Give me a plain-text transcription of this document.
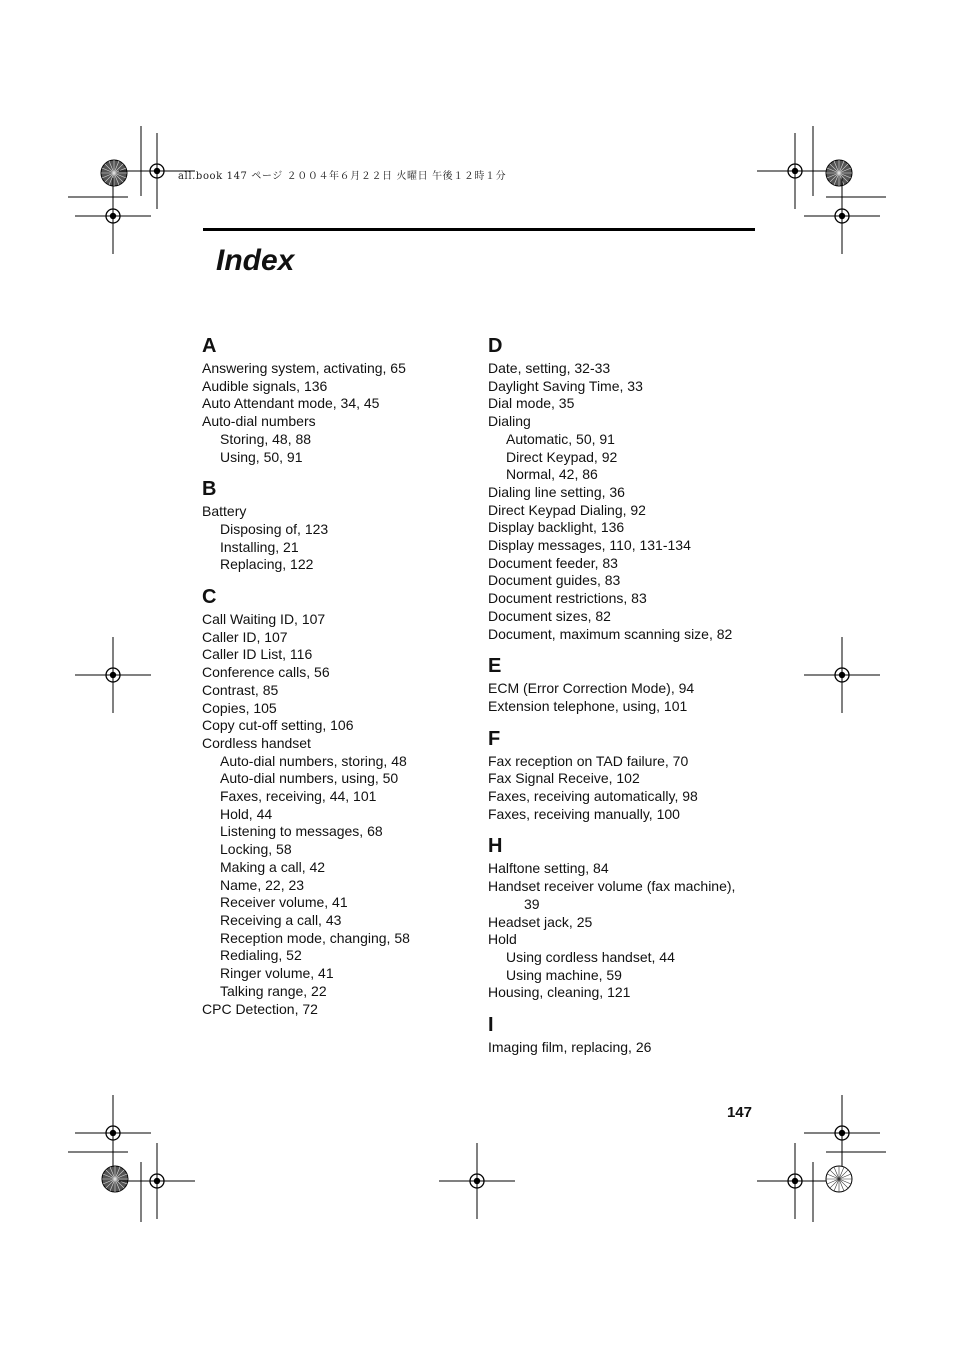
all.book 147 ページ ２００４年６月２２日 火曜日 午後１２時１分
Index
A
Answering system, activating, 65
Audible signals, 136
Auto Attendant mode, 34, 45
Auto-dial numbers
Storing, 48, 88
Using, 50, 91
B
Battery
Disposing of, 123
Installing, 21
Replacing, 122
C
Call Waiting ID, 107
Caller ID, 107
Caller ID List, 116
Conference calls, 56
Contrast, 85
Copies, 105
Copy cut-off setting, 106
Cordless handset
Auto-dial numbers, storing, 48
Auto-dial numbers, using, 50
Faxes, receiving, 44, 101
Hold, 44
Listening to messages, 68
Locking, 58
Making a call, 42
Name, 22, 23
Receiver volume, 41
Receiving a call, 43
Reception mode, changing, 58
Redialing, 52
Ringer volume, 41
Talking range, 22
CPC Detection, 72
D
Date, setting, 32-33
Daylight Saving Time, 33
Dial mode, 35
Dialing
Automatic, 50, 91
Direct Keypad, 92
Normal, 42, 86
Dialing line setting, 36
Direct Keypad Dialing, 92
Display backlight, 136
Display messages, 110, 131-134
Document feeder, 83
Document guides, 83
Document restrictions, 83
Document sizes, 82
Document, maximum scanning size, 82
E
ECM (Error Correction Mode), 94
Extension telephone, using, 101
F
Fax reception on TAD failure, 70
Fax Signal Receive, 102
Faxes, receiving automatically, 98
Faxes, receiving manually, 100
H
Halftone setting, 84
Handset receiver volume (fax machine),
39
Headset jack, 25
Hold
Using cordless handset, 44
Using machine, 59
Housing, cleaning, 121
I
Imaging film, replacing, 26
147
